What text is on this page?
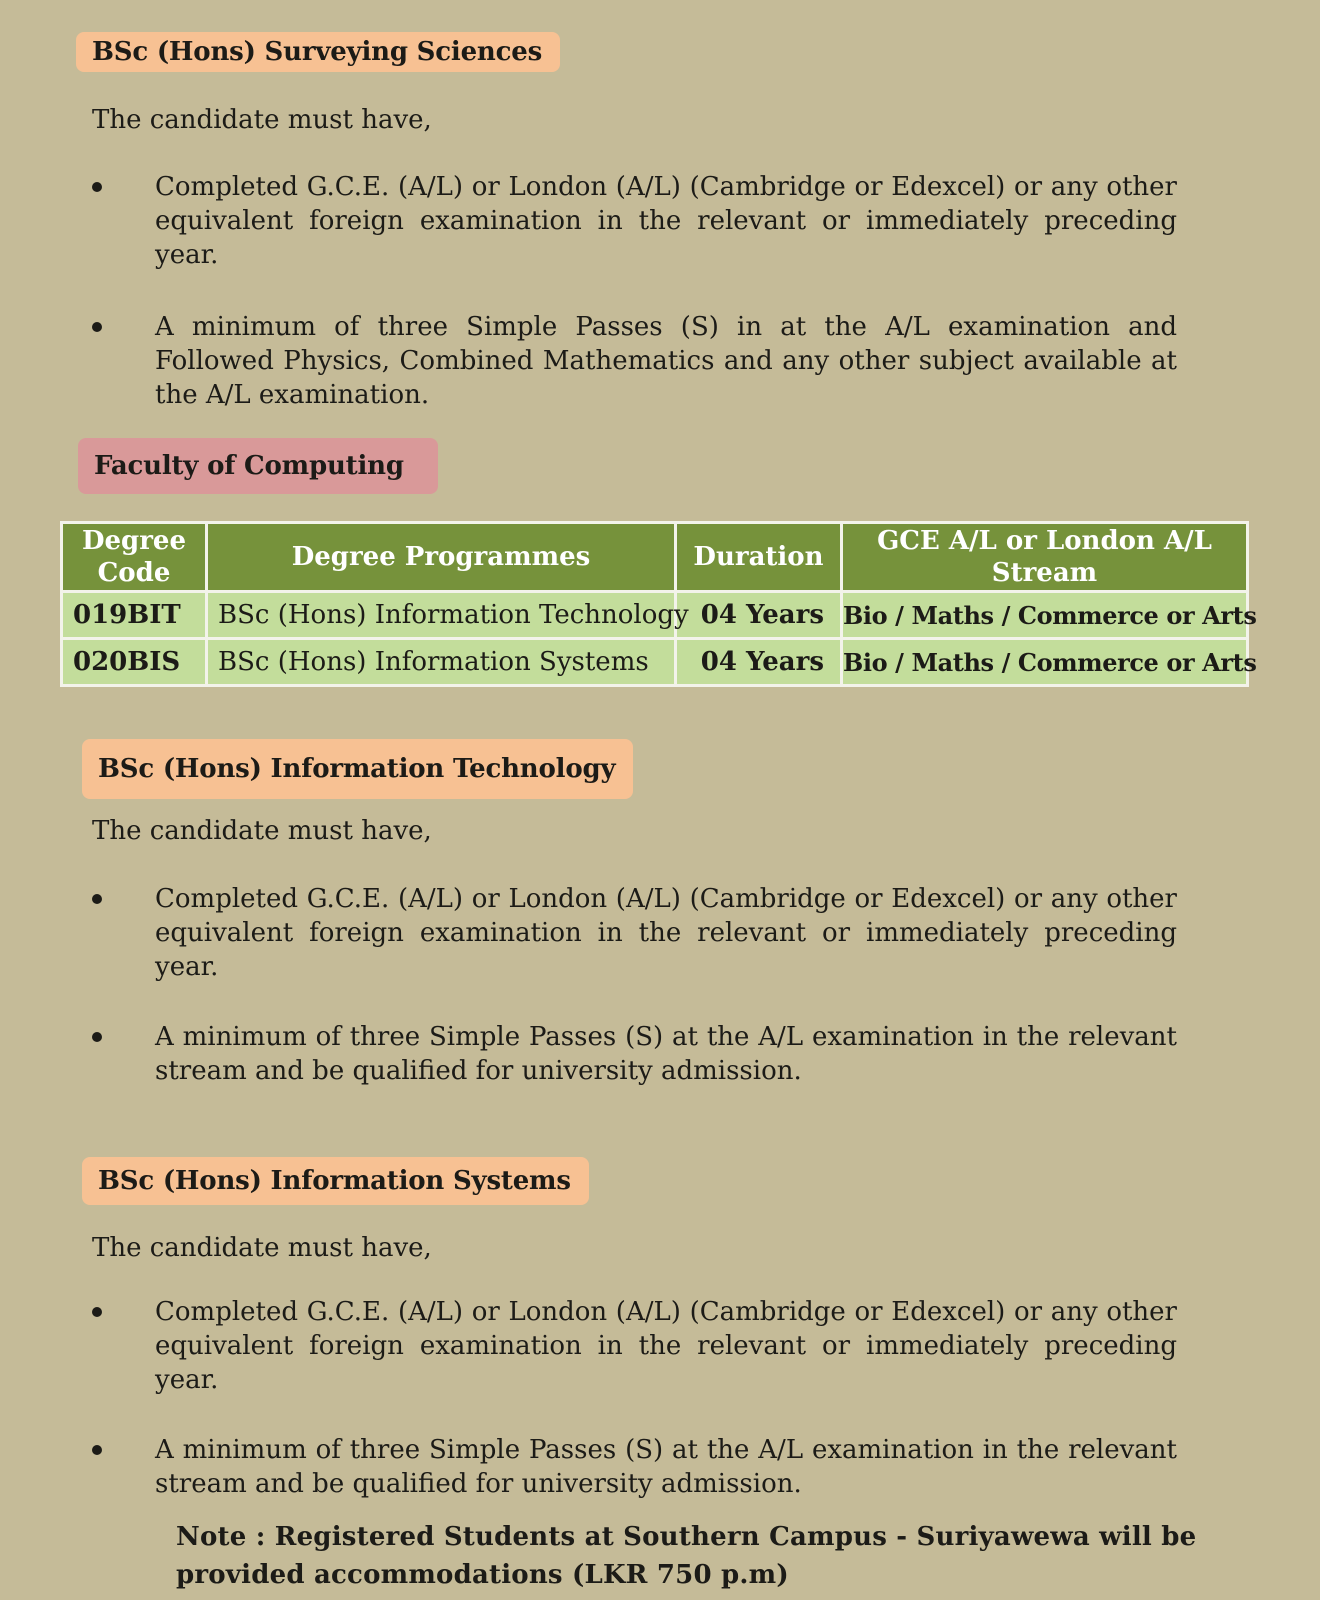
BSc (Hons) Surveying Sciences
The candidate must have,
Completed G.C.E. (A/L) or London (A/L) (Cambridge or Edexcel) or any other equivalent foreign examination in the relevant or immediately preceding year.
A minimum of three Simple Passes (S) in at the A/L examination and Followed Physics, Combined Mathematics and any other subject available at the A/L examination.
Faculty of Computing
Degree Code	Degree Programmes	Duration	GCE A/L or London A/L Stream
019BIT	BSc (Hons) Information Technology	04 Years	Bio / Maths / Commerce or Arts
020BIS	BSc (Hons) Information Systems	04 Years	Bio / Maths / Commerce or Arts
BSc (Hons) Information Technology
The candidate must have,
Completed G.C.E. (A/L) or London (A/L) (Cambridge or Edexcel) or any other equivalent foreign examination in the relevant or immediately preceding year.
A minimum of three Simple Passes (S) at the A/L examination in the relevant stream and be qualified for university admission.
BSc (Hons) Information Systems
The candidate must have,
Completed G.C.E. (A/L) or London (A/L) (Cambridge or Edexcel) or any other equivalent foreign examination in the relevant or immediately preceding year.
A minimum of three Simple Passes (S) at the A/L examination in the relevant stream and be qualified for university admission.
Note : Registered Students at Southern Campus - Suriyawewa will be provided accommodations (LKR 750 p.m)
